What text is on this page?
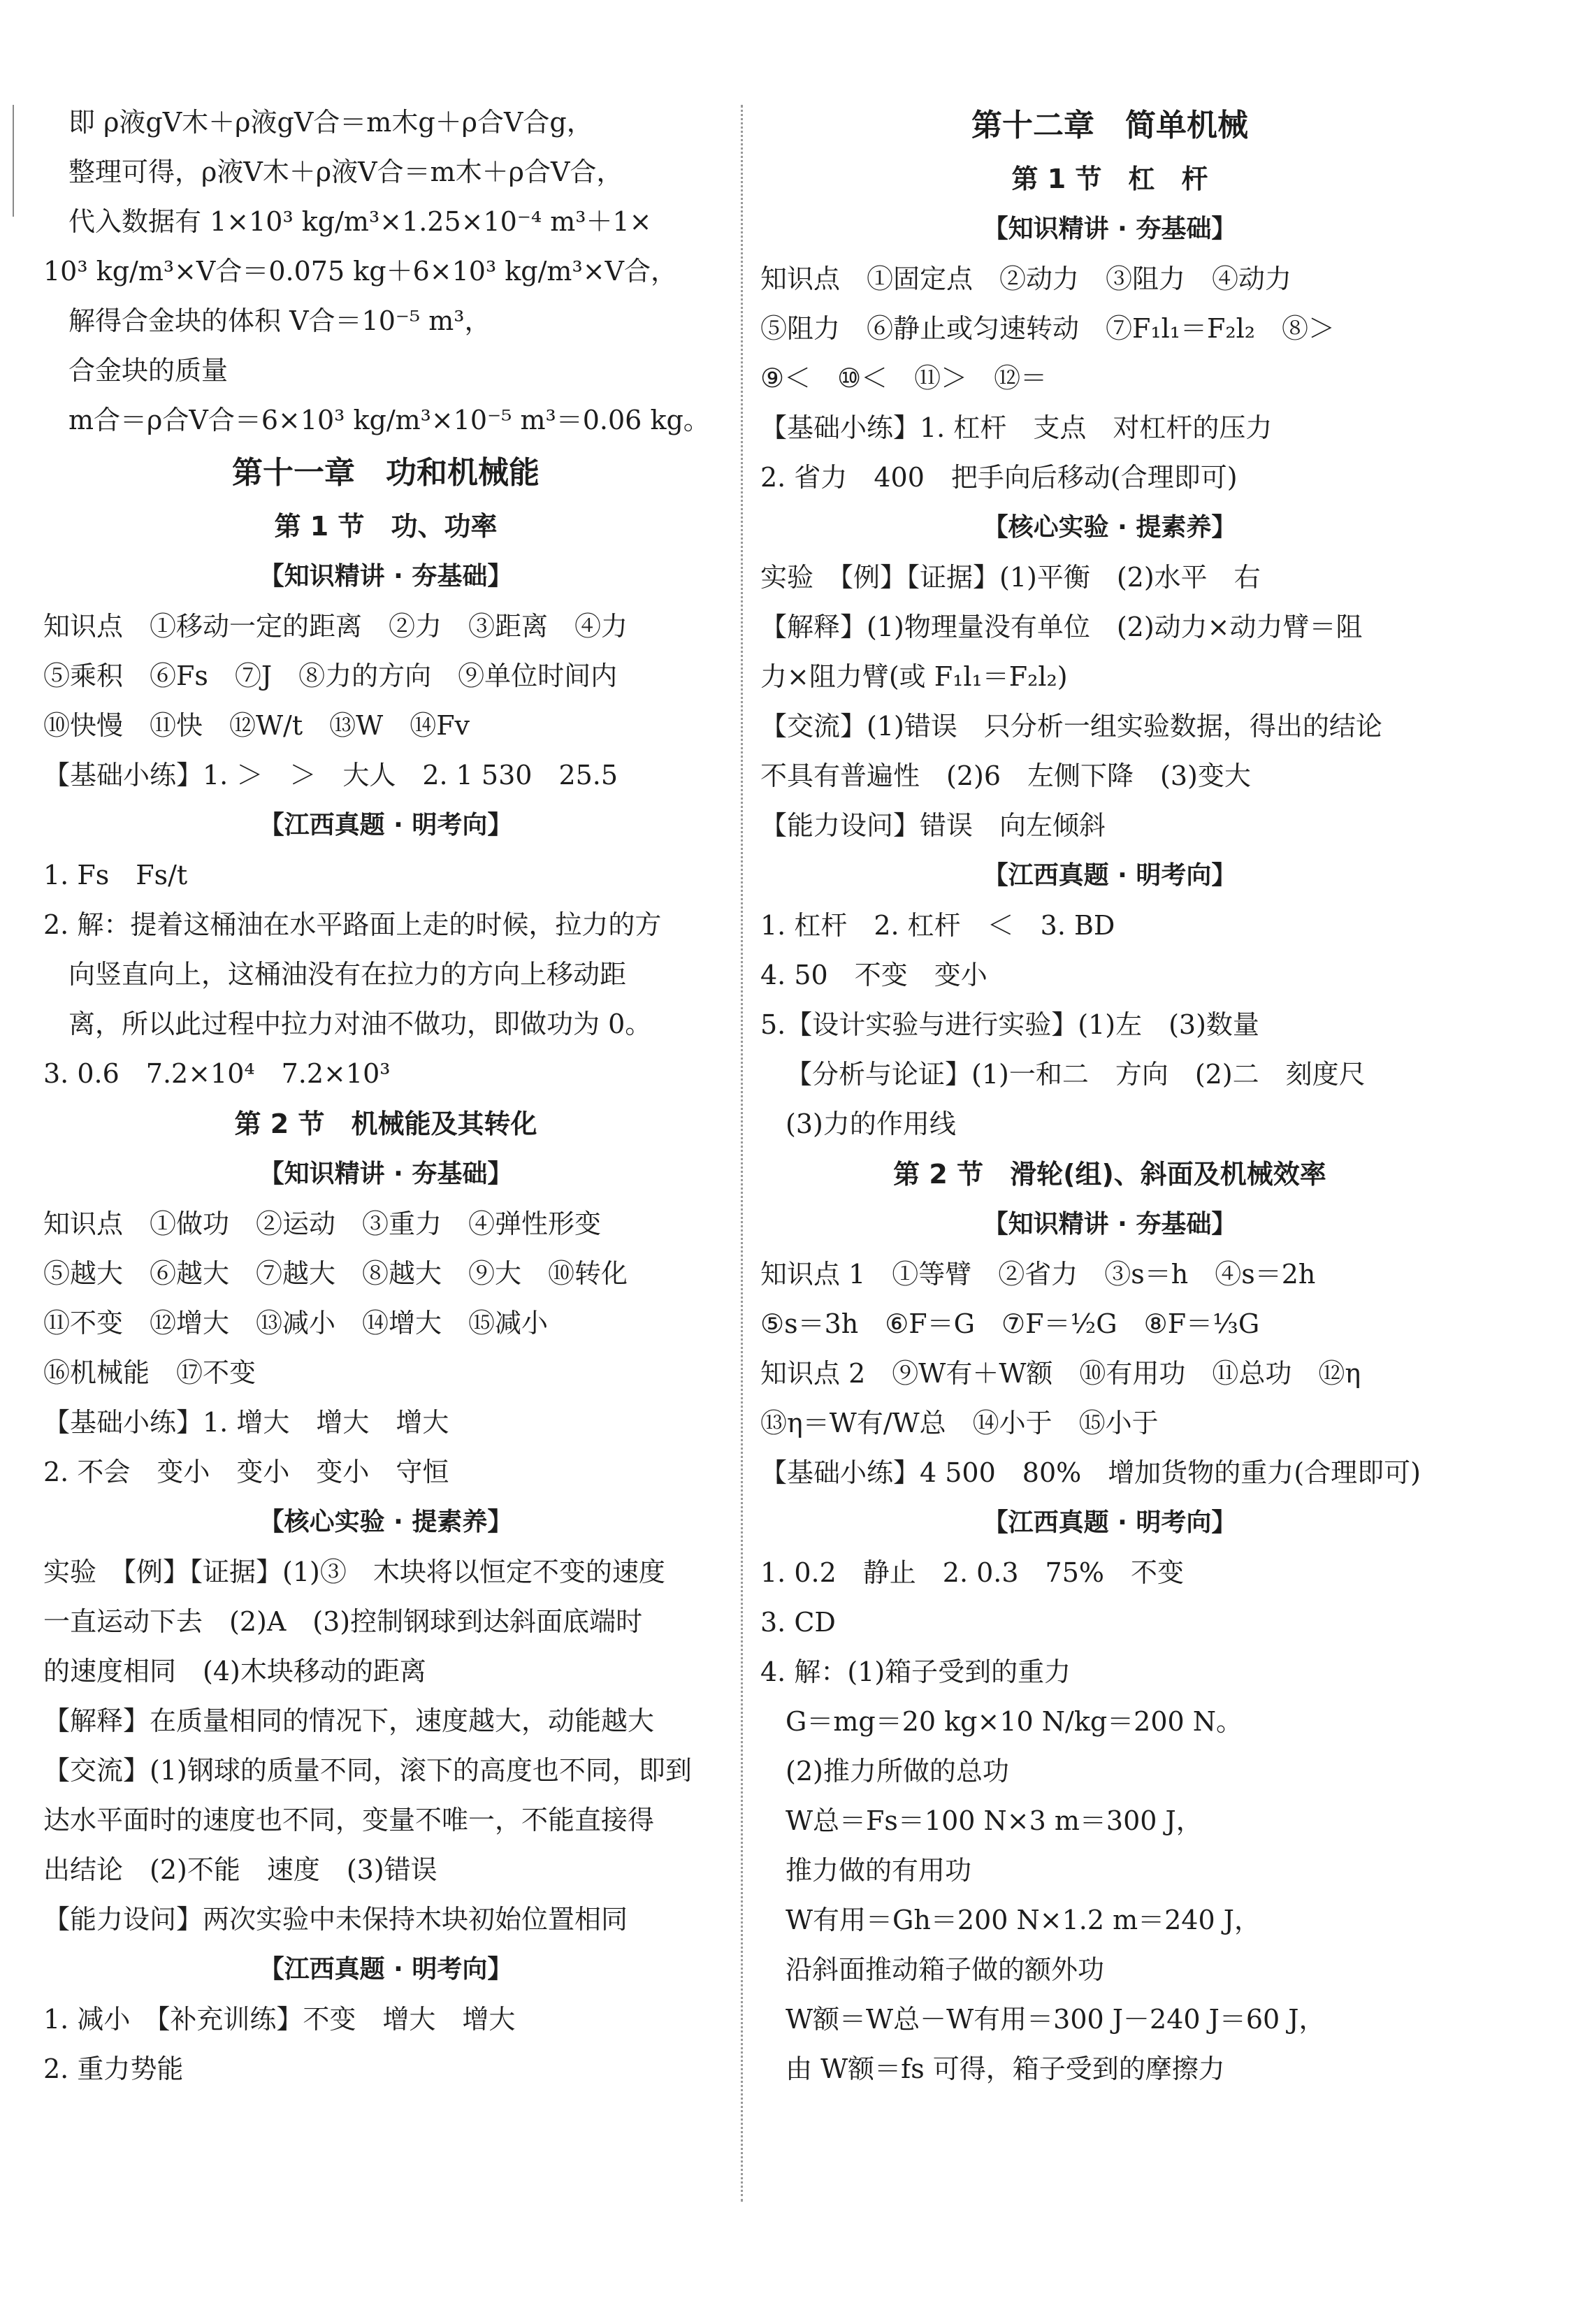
即 ρ液gV木＋ρ液gV合＝m木g＋ρ合V合g，
整理可得，ρ液V木＋ρ液V合＝m木＋ρ合V合，
代入数据有 1×10³ kg/m³×1.25×10⁻⁴ m³＋1×
10³ kg/m³×V合＝0.075 kg＋6×10³ kg/m³×V合，
解得合金块的体积 V合＝10⁻⁵ m³，
合金块的质量
m合＝ρ合V合＝6×10³ kg/m³×10⁻⁵ m³＝0.06 kg。
第十一章　功和机械能
第 1 节　功、功率
【知识精讲 · 夯基础】
知识点　①移动一定的距离　②力　③距离　④力
⑤乘积　⑥Fs　⑦J　⑧力的方向　⑨单位时间内
⑩快慢　⑪快　⑫W/t　⑬W　⑭Fv
【基础小练】1. ＞　＞　大人　2. 1 530　25.5
【江西真题 · 明考向】
1. Fs　Fs/t
2. 解：提着这桶油在水平路面上走的时候，拉力的方
向竖直向上，这桶油没有在拉力的方向上移动距
离，所以此过程中拉力对油不做功，即做功为 0。
3. 0.6　7.2×10⁴　7.2×10³
第 2 节　机械能及其转化
【知识精讲 · 夯基础】
知识点　①做功　②运动　③重力　④弹性形变
⑤越大　⑥越大　⑦越大　⑧越大　⑨大　⑩转化
⑪不变　⑫增大　⑬减小　⑭增大　⑮减小
⑯机械能　⑰不变
【基础小练】1. 增大　增大　增大
2. 不会　变小　变小　变小　守恒
【核心实验 · 提素养】
实验　【例】【证据】(1)③　木块将以恒定不变的速度
一直运动下去　(2)A　(3)控制钢球到达斜面底端时
的速度相同　(4)木块移动的距离
【解释】在质量相同的情况下，速度越大，动能越大
【交流】(1)钢球的质量不同，滚下的高度也不同，即到
达水平面时的速度也不同，变量不唯一，不能直接得
出结论　(2)不能　速度　(3)错误
【能力设问】两次实验中未保持木块初始位置相同
【江西真题 · 明考向】
1. 减小　【补充训练】不变　增大　增大
2. 重力势能
第十二章　简单机械
第 1 节　杠　杆
【知识精讲 · 夯基础】
知识点　①固定点　②动力　③阻力　④动力
⑤阻力　⑥静止或匀速转动　⑦F₁l₁＝F₂l₂　⑧＞
⑨＜　⑩＜　⑪＞　⑫＝
【基础小练】1. 杠杆　支点　对杠杆的压力
2. 省力　400　把手向后移动(合理即可)
【核心实验 · 提素养】
实验　【例】【证据】(1)平衡　(2)水平　右
【解释】(1)物理量没有单位　(2)动力×动力臂＝阻
力×阻力臂(或 F₁l₁＝F₂l₂)
【交流】(1)错误　只分析一组实验数据，得出的结论
不具有普遍性　(2)6　左侧下降　(3)变大
【能力设问】错误　向左倾斜
【江西真题 · 明考向】
1. 杠杆　2. 杠杆　＜　3. BD
4. 50　不变　变小
5.【设计实验与进行实验】(1)左　(3)数量
【分析与论证】(1)一和二　方向　(2)二　刻度尺
(3)力的作用线
第 2 节　滑轮(组)、斜面及机械效率
【知识精讲 · 夯基础】
知识点 1　①等臂　②省力　③s＝h　④s＝2h
⑤s＝3h　⑥F＝G　⑦F＝½G　⑧F＝⅓G
知识点 2　⑨W有＋W额　⑩有用功　⑪总功　⑫η
⑬η＝W有/W总　⑭小于　⑮小于
【基础小练】4 500　80%　增加货物的重力(合理即可)
【江西真题 · 明考向】
1. 0.2　静止　2. 0.3　75%　不变
3. CD
4. 解：(1)箱子受到的重力
G＝mg＝20 kg×10 N/kg＝200 N。
(2)推力所做的总功
W总＝Fs＝100 N×3 m＝300 J，
推力做的有用功
W有用＝Gh＝200 N×1.2 m＝240 J，
沿斜面推动箱子做的额外功
W额＝W总－W有用＝300 J－240 J＝60 J，
由 W额＝fs 可得，箱子受到的摩擦力
